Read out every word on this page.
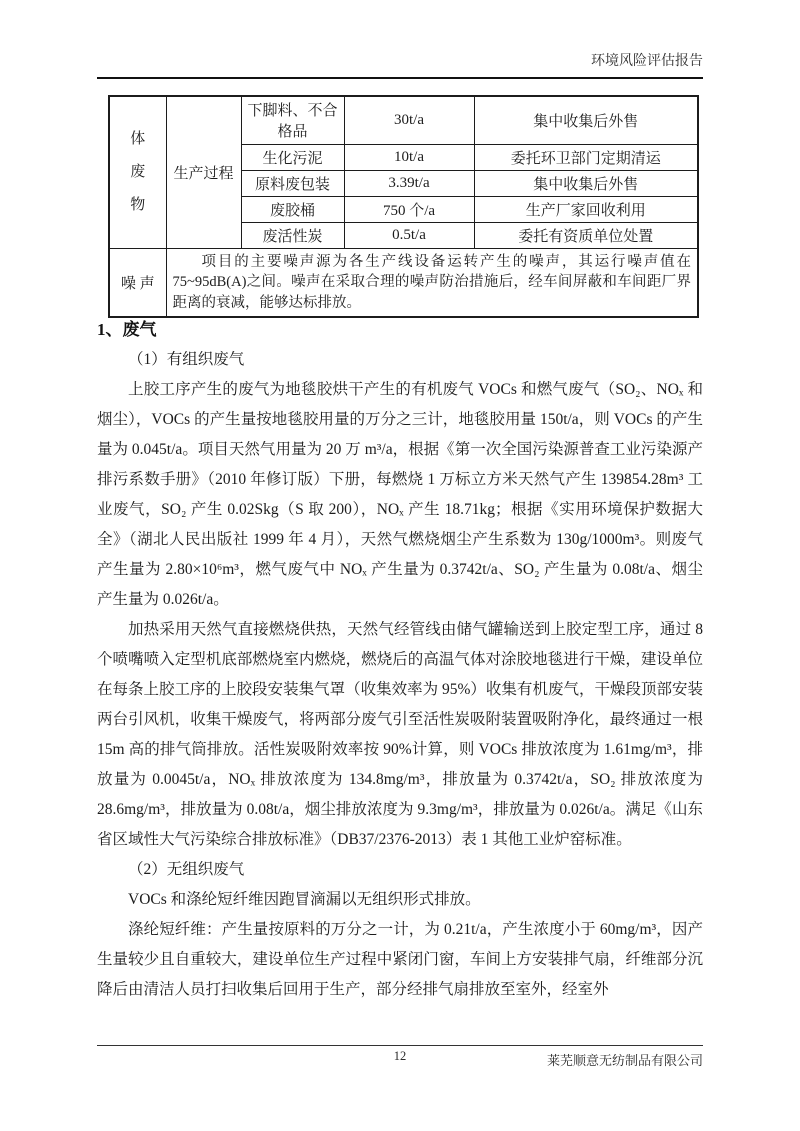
环境风险评估报告
体废物	生产过程	下脚料、不合格品	30t/a	集中收集后外售
		生化污泥	10t/a	委托环卫部门定期清运
		原料废包装	3.39t/a	集中收集后外售
		废胶桶	750 个/a	生产厂家回收利用
		废活性炭	0.5t/a	委托有资质单位处置
噪 声	项目的主要噪声源为各生产线设备运转产生的噪声，其运行噪声值在75~95dB(A)之间。噪声在采取合理的噪声防治措施后，经车间屏蔽和车间距厂界距离的衰减，能够达标排放。			
1、废气
（1）有组织废气

上胶工序产生的废气为地毯胶烘干产生的有机废气 VOCs 和燃气废气（SO₂、NOₓ 和烟尘），VOCs 的产生量按地毯胶用量的万分之三计，地毯胶用量 150t/a，则 VOCs 的产生量为 0.045t/a。项目天然气用量为 20 万 m³/a，根据《第一次全国污染源普查工业污染源产排污系数手册》（2010 年修订版）下册，每燃烧 1 万标立方米天然气产生 139854.28m³ 工业废气，SO₂ 产生 0.02Skg（S 取 200），NOₓ 产生 18.71kg；根据《实用环境保护数据大全》（湖北人民出版社 1999 年 4 月），天然气燃烧烟尘产生系数为 130g/1000m³。则废气产生量为 2.80×10⁶m³，燃气废气中 NOₓ 产生量为 0.3742t/a、SO₂ 产生量为 0.08t/a、烟尘产生量为 0.026t/a。

加热采用天然气直接燃烧供热，天然气经管线由储气罐输送到上胶定型工序，通过 8 个喷嘴喷入定型机底部燃烧室内燃烧，燃烧后的高温气体对涂胶地毯进行干燥，建设单位在每条上胶工序的上胶段安装集气罩（收集效率为 95%）收集有机废气，干燥段顶部安装两台引风机，收集干燥废气，将两部分废气引至活性炭吸附装置吸附净化，最终通过一根 15m 高的排气筒排放。活性炭吸附效率按 90%计算，则 VOCs 排放浓度为 1.61mg/m³，排放量为 0.0045t/a，NOₓ 排放浓度为 134.8mg/m³，排放量为 0.3742t/a，SO₂ 排放浓度为 28.6mg/m³，排放量为 0.08t/a，烟尘排放浓度为 9.3mg/m³，排放量为 0.026t/a。满足《山东省区域性大气污染综合排放标准》（DB37/2376-2013）表 1 其他工业炉窑标准。

（2）无组织废气

VOCs 和涤纶短纤维因跑冒滴漏以无组织形式排放。

涤纶短纤维：产生量按原料的万分之一计，为 0.21t/a，产生浓度小于 60mg/m³，因产生量较少且自重较大，建设单位生产过程中紧闭门窗，车间上方安装排气扇，纤维部分沉降后由清洁人员打扫收集后回用于生产，部分经排气扇排放至室外，经室外

12	莱芜顺意无纺制品有限公司
